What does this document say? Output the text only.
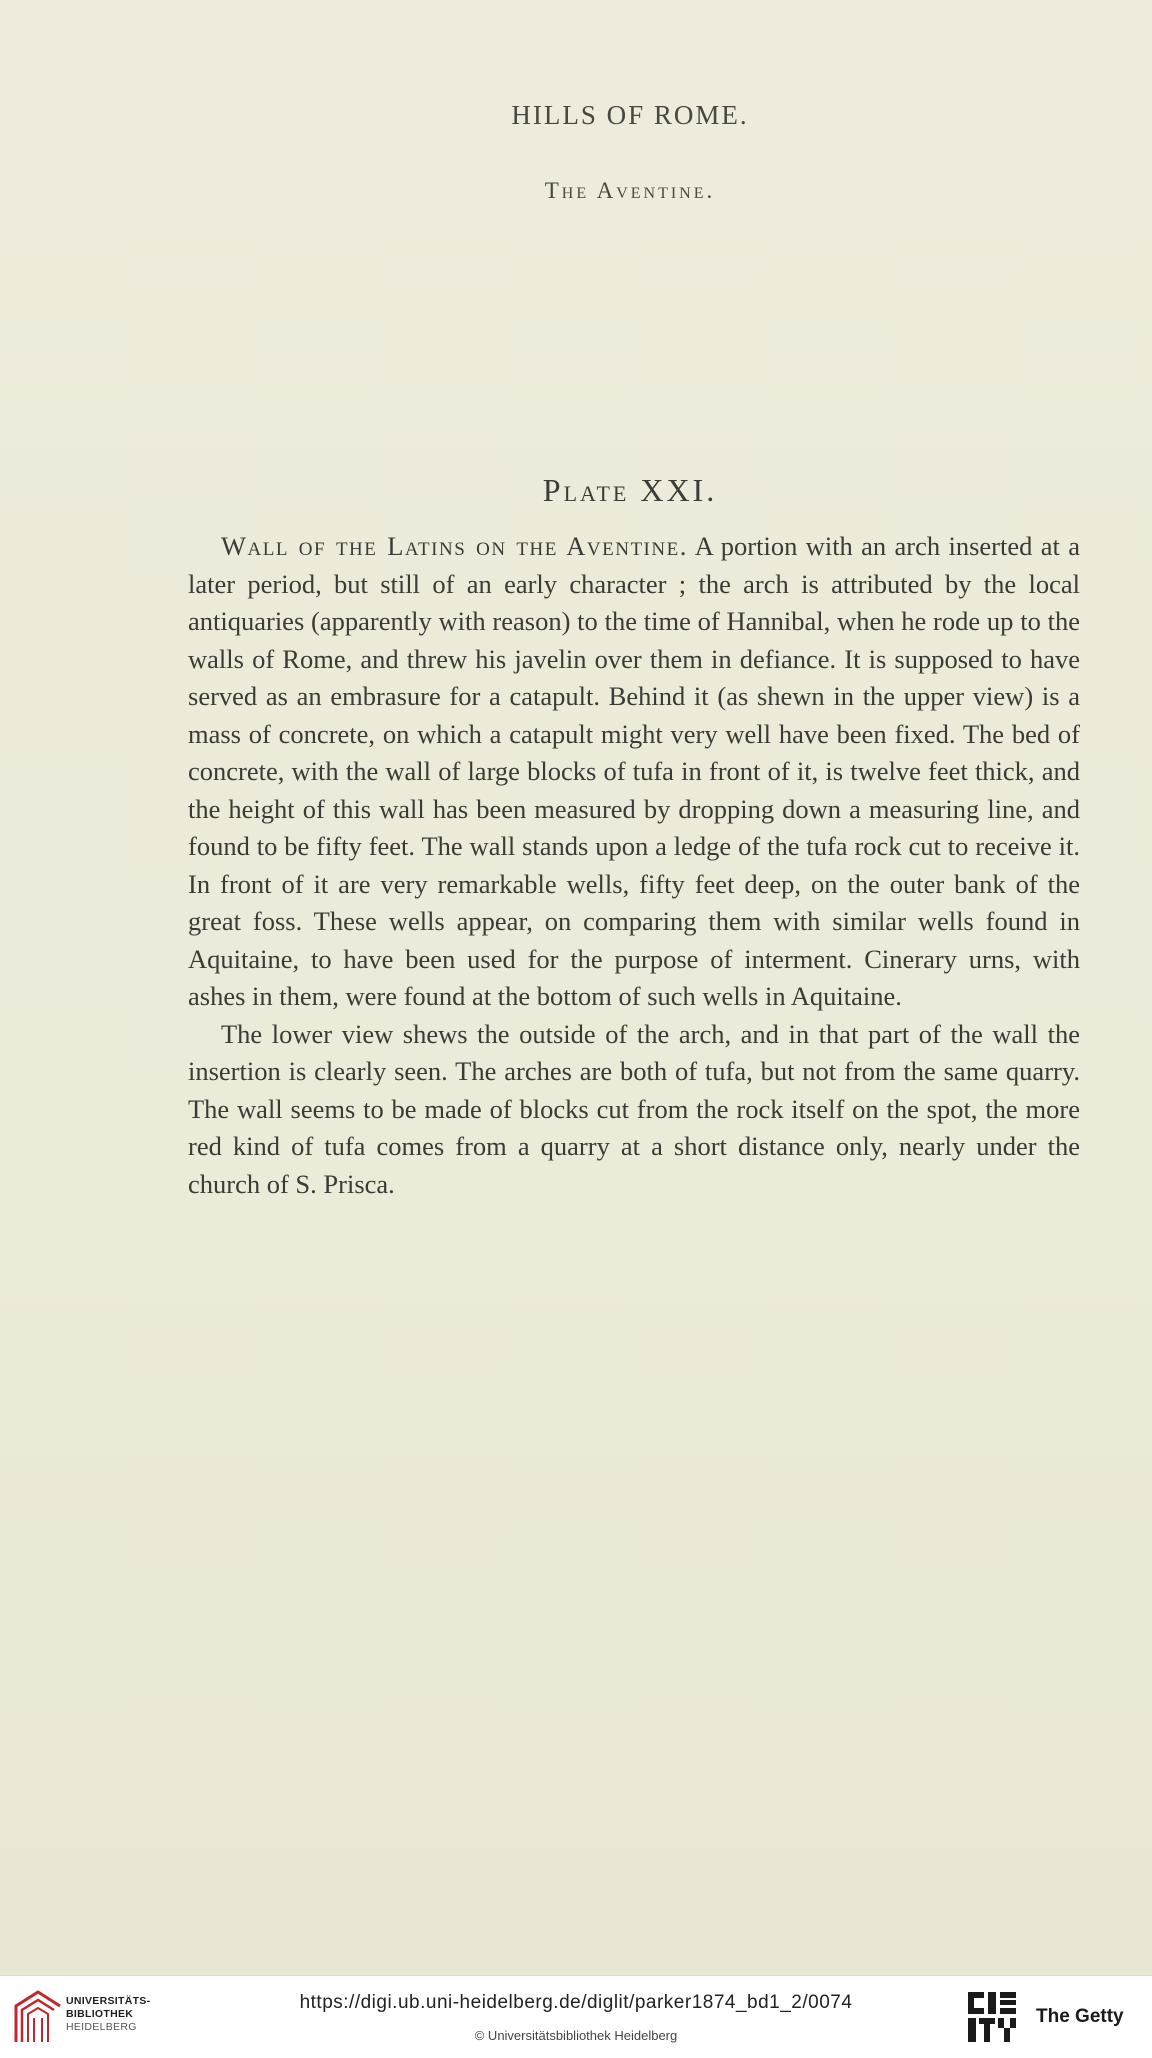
HILLS OF ROME.
The Aventine.
Plate XXI.

Wall of the Latins on the Aventine. A portion with an arch inserted at a later period, but still of an early character ; the arch is attributed by the local antiquaries (apparently with reason) to the time of Hannibal, when he rode up to the walls of Rome, and threw his javelin over them in defiance. It is supposed to have served as an embrasure for a catapult. Behind it (as shewn in the upper view) is a mass of concrete, on which a catapult might very well have been fixed. The bed of concrete, with the wall of large blocks of tufa in front of it, is twelve feet thick, and the height of this wall has been measured by dropping down a measuring line, and found to be fifty feet. The wall stands upon a ledge of the tufa rock cut to receive it. In front of it are very remarkable wells, fifty feet deep, on the outer bank of the great foss. These wells appear, on comparing them with similar wells found in Aquitaine, to have been used for the purpose of interment. Cinerary urns, with ashes in them, were found at the bottom of such wells in Aquitaine.

The lower view shews the outside of the arch, and in that part of the wall the insertion is clearly seen. The arches are both of tufa, but not from the same quarry. The wall seems to be made of blocks cut from the rock itself on the spot, the more red kind of tufa comes from a quarry at a short distance only, nearly under the church of S. Prisca.

UNIVERSITÄTS-
BIBLIOTHEK
HEIDELBERG
https://digi.ub.uni-heidelberg.de/diglit/parker1874_bd1_2/0074
© Universitätsbibliothek Heidelberg
The Getty
